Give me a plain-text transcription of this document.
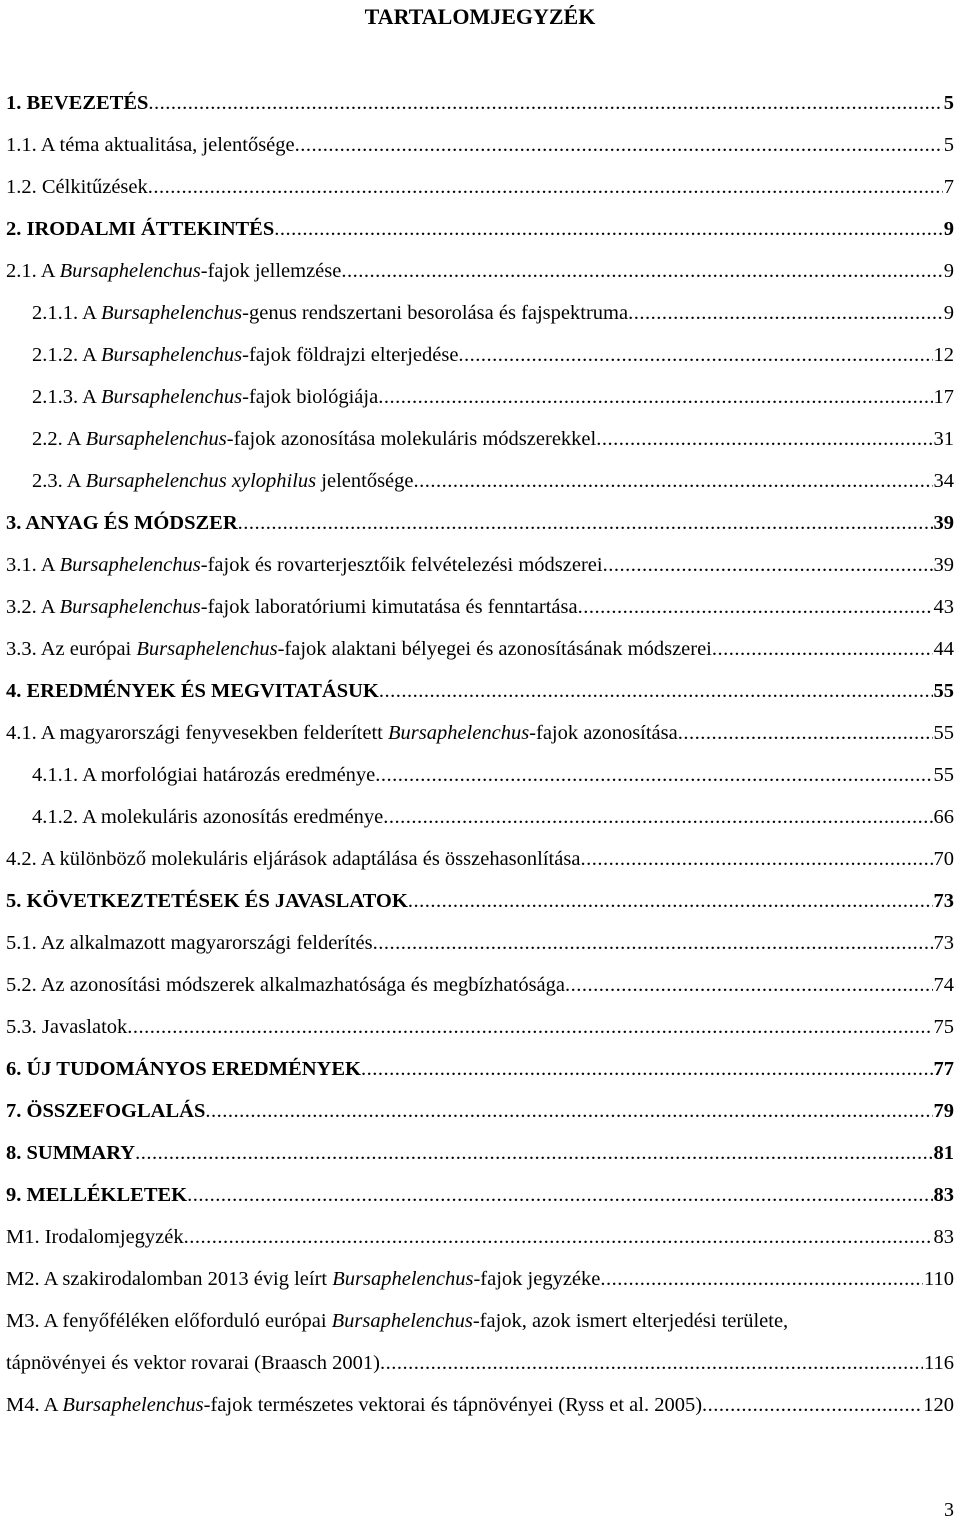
TARTALOMJEGYZÉK
1. BEVEZETÉS .....	5
1.1. A téma aktualitása, jelentősége .....	5
1.2. Célkitűzések .....	7
2. IRODALMI ÁTTEKINTÉS .....	9
2.1. A Bursaphelenchus-fajok jellemzése .....	9
2.1.1. A Bursaphelenchus-genus rendszertani besorolása és fajspektruma .....	9
2.1.2. A Bursaphelenchus-fajok földrajzi elterjedése .....	12
2.1.3. A Bursaphelenchus-fajok biológiája .....	17
2.2. A Bursaphelenchus-fajok azonosítása molekuláris módszerekkel .....	31
2.3. A Bursaphelenchus xylophilus jelentősége .....	34
3. ANYAG ÉS MÓDSZER .....	39
3.1. A Bursaphelenchus-fajok és rovarterjesztőik felvételezési módszerei .....	39
3.2. A Bursaphelenchus-fajok laboratóriumi kimutatása és fenntartása .....	43
3.3. Az európai Bursaphelenchus-fajok alaktani bélyegei és azonosításának módszerei .....	44
4. EREDMÉNYEK ÉS MEGVITATÁSUK .....	55
4.1. A magyarországi fenyvesekben felderített Bursaphelenchus-fajok azonosítása .....	55
4.1.1. A morfológiai határozás eredménye .....	55
4.1.2. A molekuláris azonosítás eredménye .....	66
4.2. A különböző molekuláris eljárások adaptálása és összehasonlítása .....	70
5. KÖVETKEZTETÉSEK ÉS JAVASLATOK .....	73
5.1. Az alkalmazott magyarországi felderítés .....	73
5.2. Az azonosítási módszerek alkalmazhatósága és megbízhatósága .....	74
5.3. Javaslatok .....	75
6. ÚJ TUDOMÁNYOS EREDMÉNYEK .....	77
7. ÖSSZEFOGLALÁS .....	79
8. SUMMARY .....	81
9. MELLÉKLETEK .....	83
M1. Irodalomjegyzék .....	83
M2. A szakirodalomban 2013 évig leírt Bursaphelenchus-fajok jegyzéke .....	110
M3. A fenyőféléken előforduló európai Bursaphelenchus-fajok, azok ismert elterjedési területe,
tápnövényei és vektor rovarai (Braasch 2001) .....	116
M4. A Bursaphelenchus-fajok természetes vektorai és tápnövényei (Ryss et al. 2005) .....	120
3
